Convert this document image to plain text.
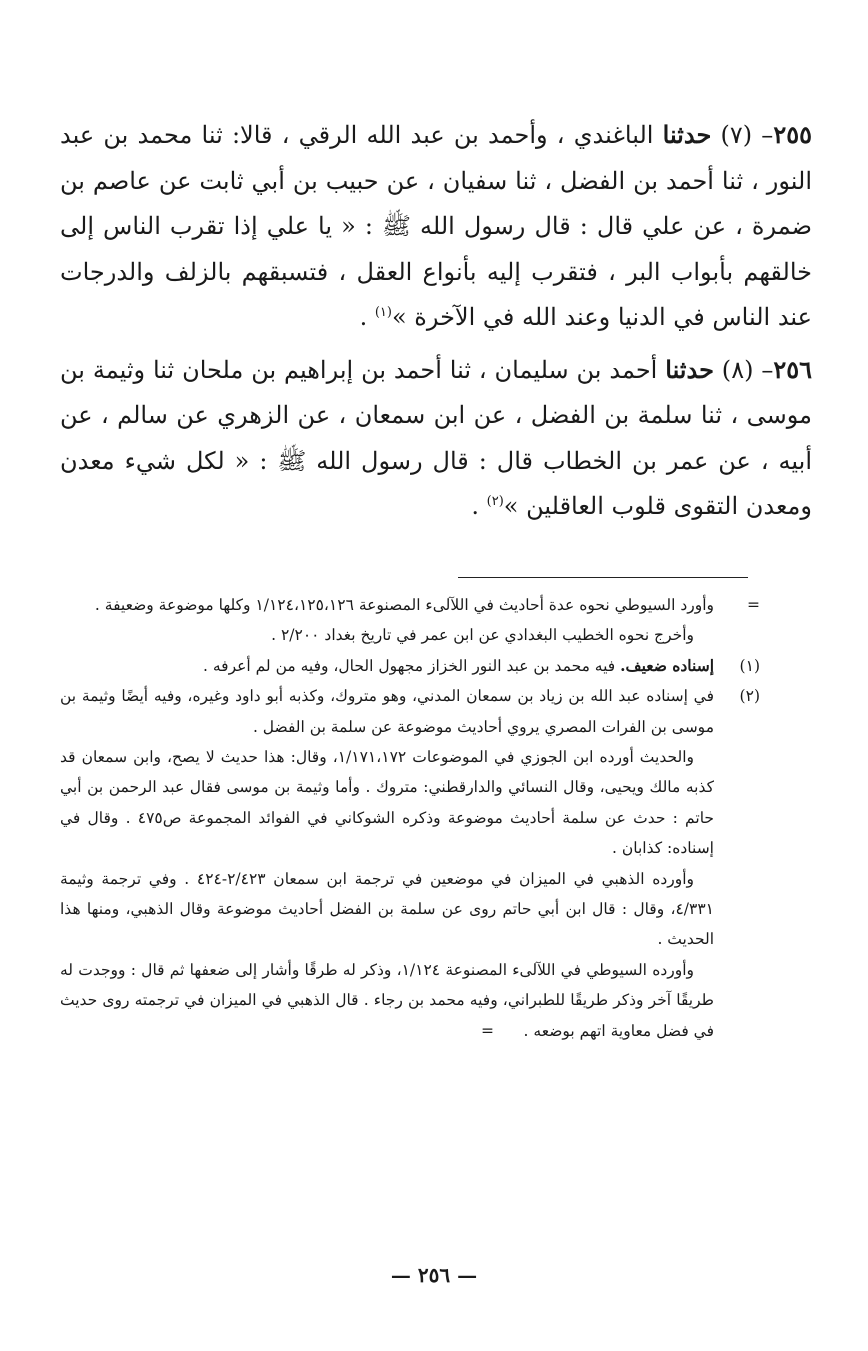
٢٥٥– (٧) حدثنا الباغندي ، وأحمد بن عبد الله الرقي ، قالا: ثنا محمد بن عبد النور ، ثنا أحمد بن الفضل ، ثنا سفيان ، عن حبيب بن أبي ثابت عن عاصم بن ضمرة ، عن علي قال : قال رسول الله ﷺ : « يا علي إذا تقرب الناس إلى خالقهم بأبواب البر ، فتقرب إليه بأنواع العقل ، فتسبقهم بالزلف والدرجات عند الناس في الدنيا وعند الله في الآخرة »$^{(١)}$ .

٢٥٦– (٨) حدثنا أحمد بن سليمان ، ثنا أحمد بن إبراهيم بن ملحان ثنا وثيمة بن موسى ، ثنا سلمة بن الفضل ، عن ابن سمعان ، عن الزهري عن سالم ، عن أبيه ، عن عمر بن الخطاب قال : قال رسول الله ﷺ : « لكل شيء معدن ومعدن التقوى قلوب العاقلين »$^{(٢)}$ .

=
وأورد السيوطي نحوه عدة أحاديث في اللآلىء المصنوعة ١/١٢٤،١٢٥،١٢٦ وكلها موضوعة وضعيفة .

وأخرج نحوه الخطيب البغدادي عن ابن عمر في تاريخ بغداد ٢/٢٠٠ .

(١)
إسناده ضعيف. فيه محمد بن عبد النور الخزاز مجهول الحال، وفيه من لم أعرفه .
(٢)
في إسناده عبد الله بن زياد بن سمعان المدني، وهو متروك، وكذبه أبو داود وغيره، وفيه أيضًا وثيمة بن موسى بن الفرات المصري يروي أحاديث موضوعة عن سلمة بن الفضل .

والحديث أورده ابن الجوزي في الموضوعات ١/١٧١،١٧٢، وقال: هذا حديث لا يصح، وابن سمعان قد كذبه مالك ويحيى، وقال النسائي والدارقطني: متروك . وأما وثيمة بن موسى فقال عبد الرحمن بن أبي حاتم : حدث عن سلمة أحاديث موضوعة وذكره الشوكاني في الفوائد المجموعة ص٤٧٥ . وقال في إسناده: كذابان .

وأورده الذهبي في الميزان في موضعين في ترجمة ابن سمعان ٢/٤٢٣-٤٢٤ . وفي ترجمة وثيمة ٤/٣٣١، وقال : قال ابن أبي حاتم روى عن سلمة بن الفضل أحاديث موضوعة وقال الذهبي، ومنها هذا الحديث .

وأورده السيوطي في اللآلىء المصنوعة ١/١٢٤، وذكر له طرقًا وأشار إلى ضعفها ثم قال : ووجدت له طريقًا آخر وذكر طريقًا للطبراني، وفيه محمد بن رجاء . قال الذهبي في الميزان في ترجمته روى حديث في فضل معاوية اتهم بوضعه .      =

— ٢٥٦ —
